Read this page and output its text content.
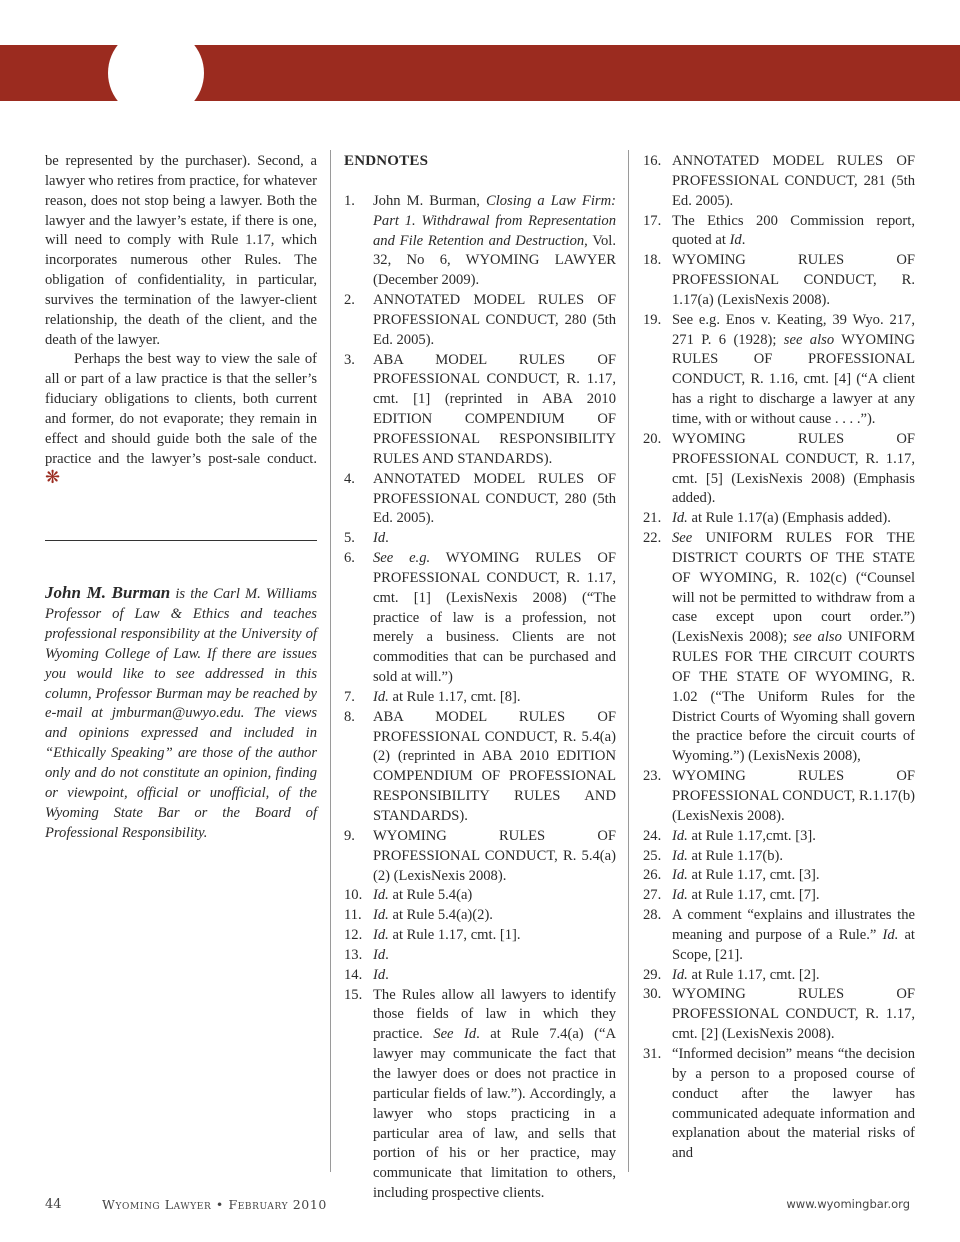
be represented by the purchaser). Second, a lawyer who retires from practice, for whatever reason, does not stop being a lawyer. Both the lawyer and the lawyer’s estate, if there is one, will need to comply with Rule 1.17, which incorporates numerous other Rules. The obligation of confidentiality, in particular, survives the termination of the lawyer-client relationship, the death of the client, and the death of the lawyer.

Perhaps the best way to view the sale of all or part of a law practice is that the seller’s fiduciary obligations to clients, both current and former, do not evaporate; they remain in effect and should guide both the sale of the practice and the lawyer’s post-sale conduct. ❋

John M. Burman is the Carl M. Williams Professor of Law & Ethics and teaches professional responsibility at the University of Wyoming College of Law. If there are issues you would like to see addressed in this column, Professor Burman may be reached by e-mail at jmburman@uwyo.edu. The views and opinions expressed and included in “Ethically Speaking” are those of the author only and do not constitute an opinion, finding or viewpoint, official or unofficial, of the Wyoming State Bar or the Board of Professional Responsibility.
ENDNOTES
1.	John M. Burman, Closing a Law Firm: Part 1. Withdrawal from Representation and File Retention and Destruction, Vol. 32, No 6, WYOMING LAWYER (December 2009).
2.	ANNOTATED MODEL RULES OF PROFESSIONAL CONDUCT, 280 (5th Ed. 2005).
3.	ABA MODEL RULES OF PROFESSIONAL CONDUCT, R. 1.17, cmt. [1] (reprinted in ABA 2010 EDITION COMPENDIUM OF PROFESSIONAL RESPONSIBILITY RULES AND STANDARDS).
4.	ANNOTATED MODEL RULES OF PROFESSIONAL CONDUCT, 280 (5th Ed. 2005).
5.	Id.
6.	See e.g. WYOMING RULES OF PROFESSIONAL CONDUCT, R. 1.17, cmt. [1] (LexisNexis 2008) (“The practice of law is a profession, not merely a business. Clients are not commodities that can be purchased and sold at will.”)
7.	Id. at Rule 1.17, cmt. [8].
8.	ABA MODEL RULES OF PROFESSIONAL CONDUCT, R. 5.4(a)(2) (reprinted in ABA 2010 EDITION COMPENDIUM OF PROFESSIONAL RESPONSIBILITY RULES AND STANDARDS).
9.	WYOMING RULES OF PROFESSIONAL CONDUCT, R. 5.4(a)(2) (LexisNexis 2008).
10. Id. at Rule 5.4(a)
11. Id. at Rule 5.4(a)(2).
12. Id. at Rule 1.17, cmt. [1].
13. Id.
14. Id.
15. The Rules allow all lawyers to identify those fields of law in which they practice. See Id. at Rule 7.4(a) (“A lawyer may communicate the fact that the lawyer does or does not practice in particular fields of law.”). Accordingly, a lawyer who stops practicing in a particular area of law, and sells that portion of his or her practice, may communicate that limitation to others, including prospective clients.
16. ANNOTATED MODEL RULES OF PROFESSIONAL CONDUCT, 281 (5th Ed. 2005).
17. The Ethics 200 Commission report, quoted at Id.
18. WYOMING RULES OF PROFESSIONAL CONDUCT, R. 1.17(a) (LexisNexis 2008).
19. See e.g. Enos v. Keating, 39 Wyo. 217, 271 P. 6 (1928); see also WYOMING RULES OF PROFESSIONAL CONDUCT, R. 1.16, cmt. [4] (“A client has a right to discharge a lawyer at any time, with or without cause . . . .”).
20. WYOMING RULES OF PROFESSIONAL CONDUCT, R. 1.17, cmt. [5] (LexisNexis 2008) (Emphasis added).
21. Id. at Rule 1.17(a) (Emphasis added).
22. See UNIFORM RULES FOR THE DISTRICT COURTS OF THE STATE OF WYOMING, R. 102(c) (“Counsel will not be permitted to withdraw from a case except upon court order.”) (LexisNexis 2008); see also UNIFORM RULES FOR THE CIRCUIT COURTS OF THE STATE OF WYOMING, R. 1.02 (“The Uniform Rules for the District Courts of Wyoming shall govern the practice before the circuit courts of Wyoming.”) (LexisNexis 2008),
23. WYOMING RULES OF PROFESSIONAL CONDUCT, R.1.17(b) (LexisNexis 2008).
24. Id. at Rule 1.17,cmt. [3].
25. Id. at Rule 1.17(b).
26. Id. at Rule 1.17, cmt. [3].
27. Id. at Rule 1.17, cmt. [7].
28. A comment “explains and illustrates the meaning and purpose of a Rule.” Id. at Scope, [21].
29. Id. at Rule 1.17, cmt. [2].
30. WYOMING RULES OF PROFESSIONAL CONDUCT, R. 1.17, cmt. [2] (LexisNexis 2008).
31. “Informed decision” means “the decision by a person to a proposed course of conduct after the lawyer has communicated adequate information and explanation about the material risks of and
44	Wyoming Lawyer • February 2010	www.wyomingbar.org
